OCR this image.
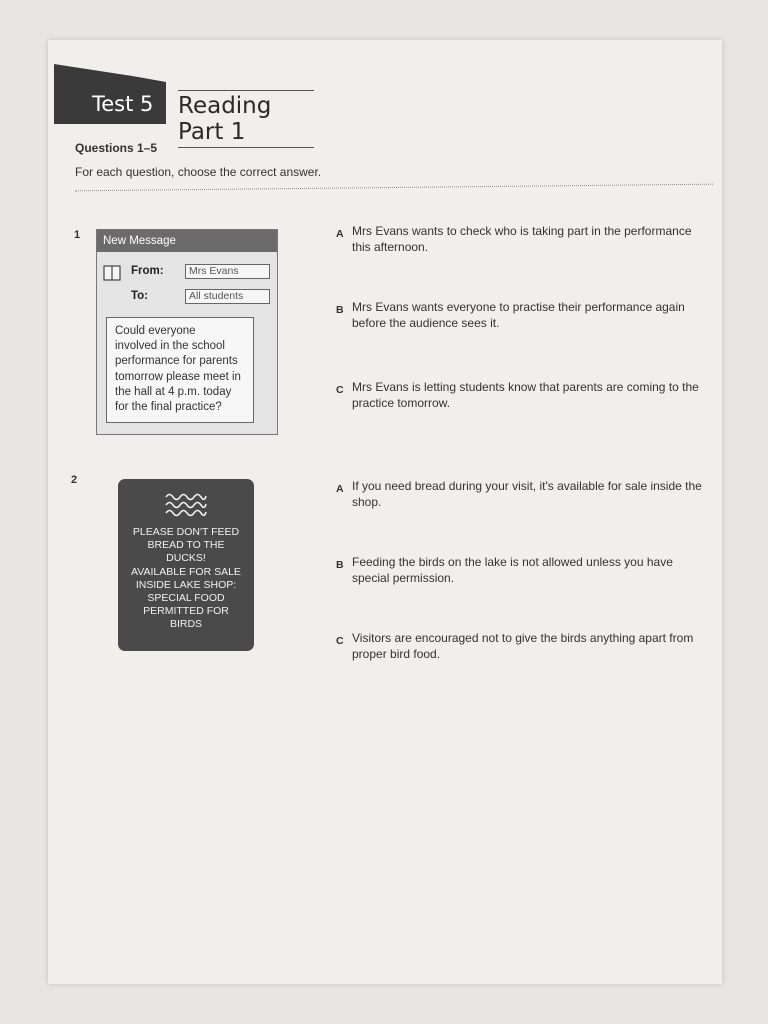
Test 5 Reading Part 1
Questions 1–5
For each question, choose the correct answer.
1	New Message
From:	Mrs Evans
To:	All students
Could everyone
involved in the school
performance for parents
tomorrow please meet in
the hall at 4 p.m. today
for the final practice?
A Mrs Evans wants to check who is taking part in the performance this afternoon.
B Mrs Evans wants everyone to practise their performance again before the audience sees it.
C Mrs Evans is letting students know that parents are coming to the practice tomorrow.
2
PLEASE DON'T FEED
BREAD TO THE
DUCKS!
AVAILABLE FOR SALE
INSIDE LAKE SHOP:
SPECIAL FOOD
PERMITTED FOR
BIRDS
A If you need bread during your visit, it's available for sale inside the shop.
B Feeding the birds on the lake is not allowed unless you have special permission.
C Visitors are encouraged not to give the birds anything apart from proper bird food.
